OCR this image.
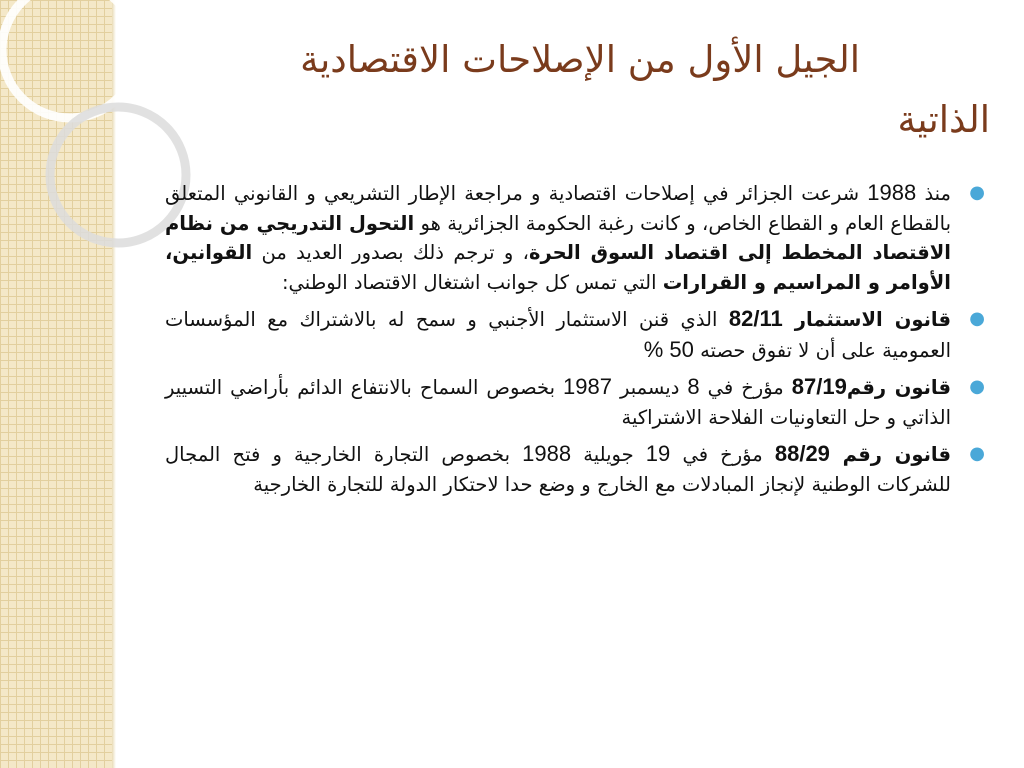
الجيل الأول من الإصلاحات الاقتصادية
الذاتية
●
منذ 1988 شرعت الجزائر في إصلاحات اقتصادية و مراجعة الإطار التشريعي و القانوني المتعلق بالقطاع العام و القطاع الخاص، و كانت رغبة الحكومة الجزائرية هو التحول التدريجي من نظام الاقتصاد المخطط إلى اقتصاد السوق الحرة، و ترجم ذلك بصدور العديد من القوانين، الأوامر و المراسيم و القرارات التي تمس كل جوانب اشتغال الاقتصاد الوطني:
●
قانون الاستثمار 82/11 الذي قنن الاستثمار الأجنبي و سمح له بالاشتراك مع المؤسسات العمومية على أن لا تفوق حصته 50 %
●
قانون رقم87/19 مؤرخ في 8 ديسمبر 1987 بخصوص السماح بالانتفاع الدائم بأراضي التسيير الذاتي و حل التعاونيات الفلاحة الاشتراكية
●
قانون رقم 88/29 مؤرخ في 19 جويلية 1988 بخصوص التجارة الخارجية و فتح المجال للشركات الوطنية لإنجاز المبادلات مع الخارج و وضع حدا لاحتكار الدولة للتجارة الخارجية
